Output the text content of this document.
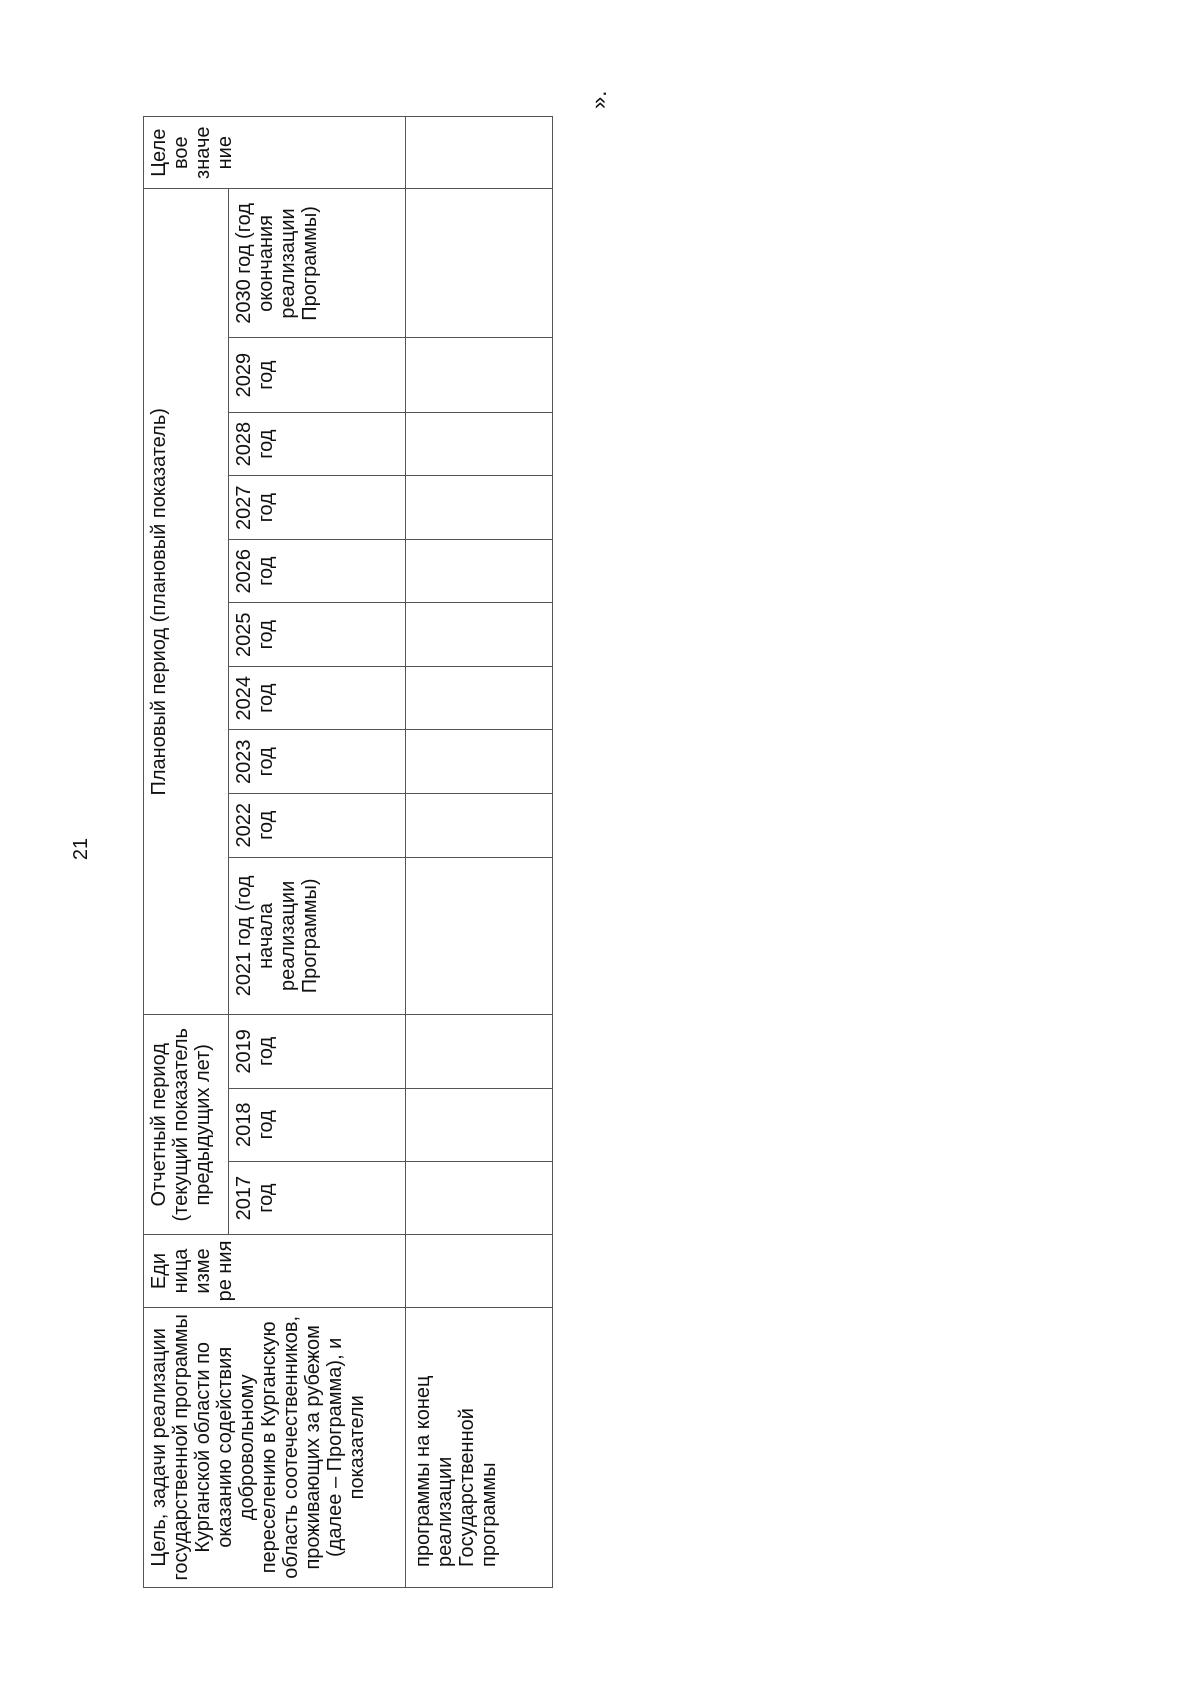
21
Цель, задачи реализации государственной программы Курганской области по оказанию содействия добровольному переселению в Курганскую область соотечественников, проживающих за рубежом (далее – Программа), и показатели	Еди ница изме ре ния	Отчетный период (текущий показатель предыдущих лет)			Плановый период (плановый показатель)										Целе вое значе ние
		2017 год	2018 год	2019 год	2021 год (год начала реализации Программы)	2022 год	2023 год	2024 год	2025 год	2026 год	2027 год	2028 год	2029 год	2030 год (год окончания реализации Программы)	

программы на конец реализации Государственной программы															

».
